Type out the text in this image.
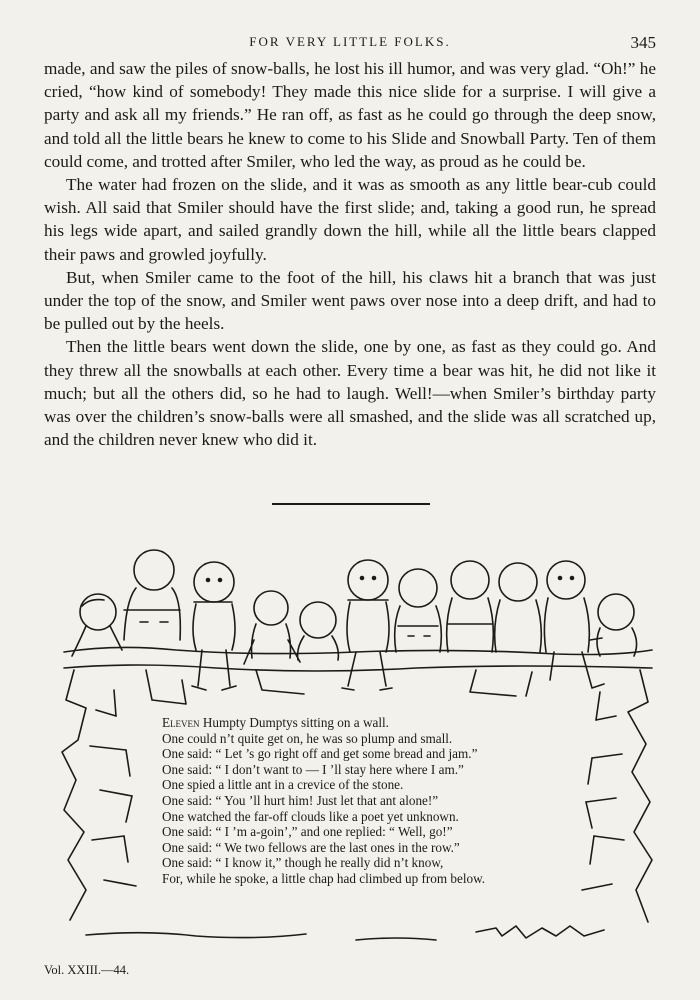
FOR VERY LITTLE FOLKS.	345

made, and saw the piles of snow-balls, he lost his ill humor, and was very glad. “Oh!” he cried, “how kind of somebody! They made this nice slide for a surprise. I will give a party and ask all my friends.” He ran off, as fast as he could go through the deep snow, and told all the little bears he knew to come to his Slide and Snowball Party. Ten of them could come, and trotted after Smiler, who led the way, as proud as he could be.

The water had frozen on the slide, and it was as smooth as any little bear-cub could wish. All said that Smiler should have the first slide; and, taking a good run, he spread his legs wide apart, and sailed grandly down the hill, while all the little bears clapped their paws and growled joyfully.

But, when Smiler came to the foot of the hill, his claws hit a branch that was just under the top of the snow, and Smiler went paws over nose into a deep drift, and had to be pulled out by the heels.

Then the little bears went down the slide, one by one, as fast as they could go. And they threw all the snowballs at each other. Every time a bear was hit, he did not like it much; but all the others did, so he had to laugh. Well!—when Smiler’s birthday party was over the children’s snow-balls were all smashed, and the slide was all scratched up, and the children never knew who did it.

Eleven Humpty Dumptys sitting on a wall.
One could n’t quite get on, he was so plump and small.
One said: “ Let ’s go right off and get some bread and jam.”
One said: “ I don’t want to — I ’ll stay here where I am.”
One spied a little ant in a crevice of the stone.
One said: “ You ’ll hurt him! Just let that ant alone!”
One watched the far-off clouds like a poet yet unknown.
One said: “ I ’m a-goin’,” and one replied: “ Well, go!”
One said: “ We two fellows are the last ones in the row.”
One said: “ I know it,” though he really did n’t know,
For, while he spoke, a little chap had climbed up from below.
Vol. XXIII.—44.
